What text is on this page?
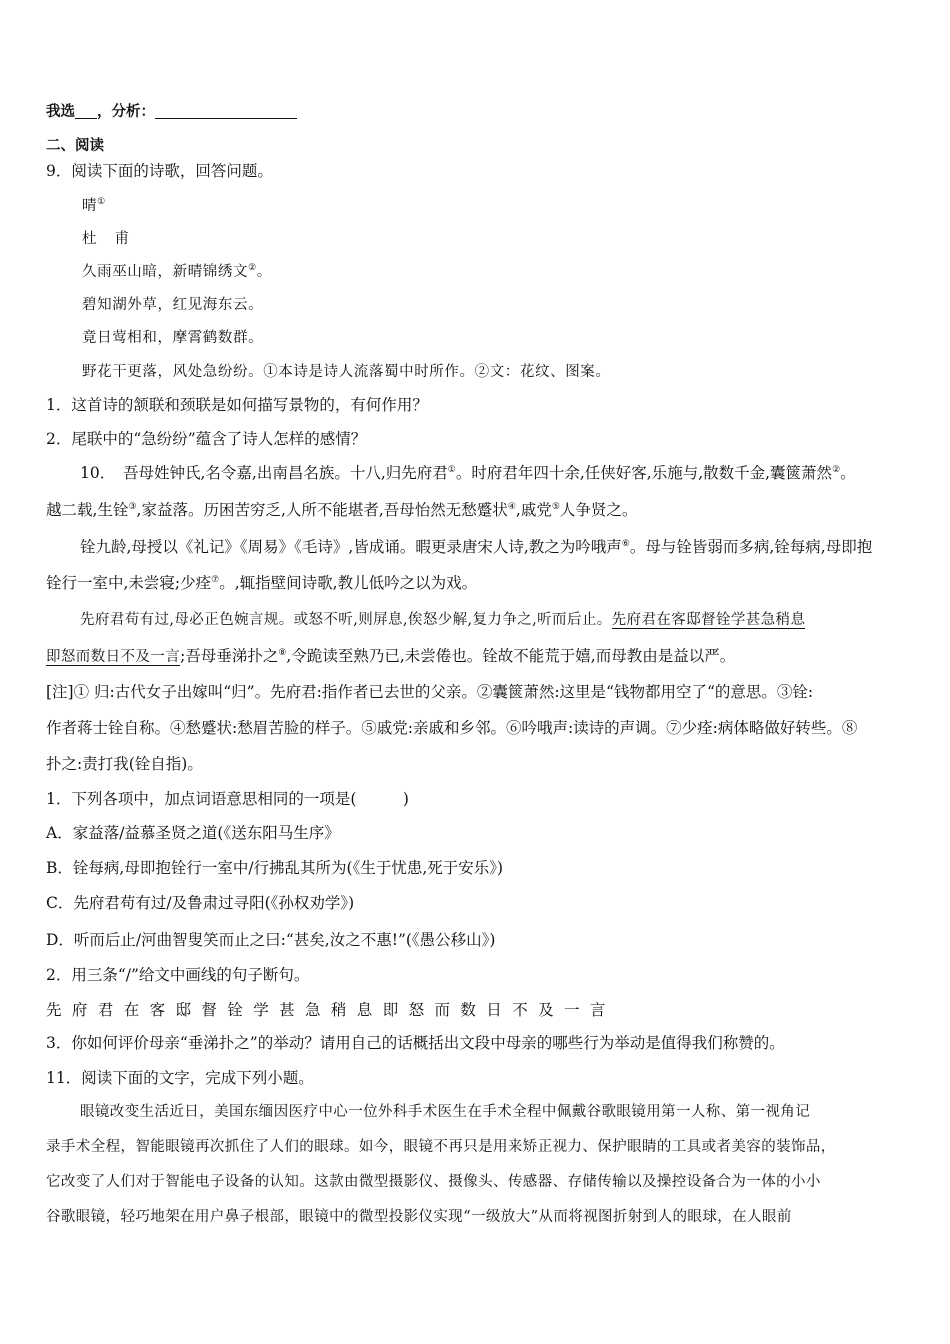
我选 ，分析：
二、阅读
9．阅读下面的诗歌，回答问题。
晴①
杜甫
久雨巫山暗，新晴锦绣文②。
碧知湖外草，红见海东云。
竟日莺相和，摩霄鹤数群。
野花干更落，风处急纷纷。①本诗是诗人流落蜀中时所作。②文：花纹、图案。
1．这首诗的颔联和颈联是如何描写景物的，有何作用？
2．尾联中的“急纷纷”蕴含了诗人怎样的感情？
10．　吾母姓钟氏,名令嘉,出南昌名族。十八,归先府君①。时府君年四十余,任侠好客,乐施与,散数千金,囊篋萧然②。
越二载,生铨③,家益落。历困苦穷乏,人所不能堪者,吾母怡然无愁蹙状④,戚党⑤人争贤之。
铨九龄,母授以《礼记》《周易》《毛诗》,皆成诵。暇更录唐宋人诗,教之为吟哦声⑥。母与铨皆弱而多病,铨每病,母即抱
铨行一室中,未尝寝;少痊⑦。,辄指壁间诗歌,教儿低吟之以为戏。
先府君苟有过,母必正色婉言规。或怒不听,则屏息,俟怒少解,复力争之,听而后止。先府君在客邸督铨学甚急稍息
即怒而数日不及一言;吾母垂涕扑之⑧,令跪读至熟乃已,未尝倦也。铨故不能荒于嬉,而母教由是益以严。
[注]① 归:古代女子出嫁叫“归”。先府君:指作者已去世的父亲。②囊篋萧然:这里是“钱物都用空了“的意思。③铨:
作者蒋士铨自称。④愁蹙状:愁眉苦脸的样子。⑤戚党:亲戚和乡邻。⑥吟哦声:读诗的声调。⑦少痊:病体略做好转些。⑧
扑之:责打我(铨自指)。
1．下列各项中，加点词语意思相同的一项是(　　　)
A．家益落/益慕圣贤之道(《送东阳马生序》
B．铨每病,母即抱铨行一室中/行拂乱其所为(《生于忧患,死于安乐》)
C．先府君苟有过/及鲁肃过寻阳(《孙权劝学》)
D．听而后止/河曲智叟笑而止之曰:“甚矣,汝之不惠!”(《愚公移山》)
2．用三条“/”给文中画线的句子断句。
先府君在客邸督铨学甚急稍息即怒而数日不及一言
3．你如何评价母亲“垂涕扑之”的举动？请用自己的话概括出文段中母亲的哪些行为举动是值得我们称赞的。
11．阅读下面的文字，完成下列小题。
眼镜改变生活近日，美国东缅因医疗中心一位外科手术医生在手术全程中佩戴谷歌眼镜用第一人称、第一视角记
录手术全程，智能眼镜再次抓住了人们的眼球。如今，眼镜不再只是用来矫正视力、保护眼睛的工具或者美容的装饰品，
它改变了人们对于智能电子设备的认知。这款由微型摄影仪、摄像头、传感器、存储传输以及操控设备合为一体的小小
谷歌眼镜，轻巧地架在用户鼻子根部，眼镜中的微型投影仪实现“一级放大”从而将视图折射到人的眼球，在人眼前
